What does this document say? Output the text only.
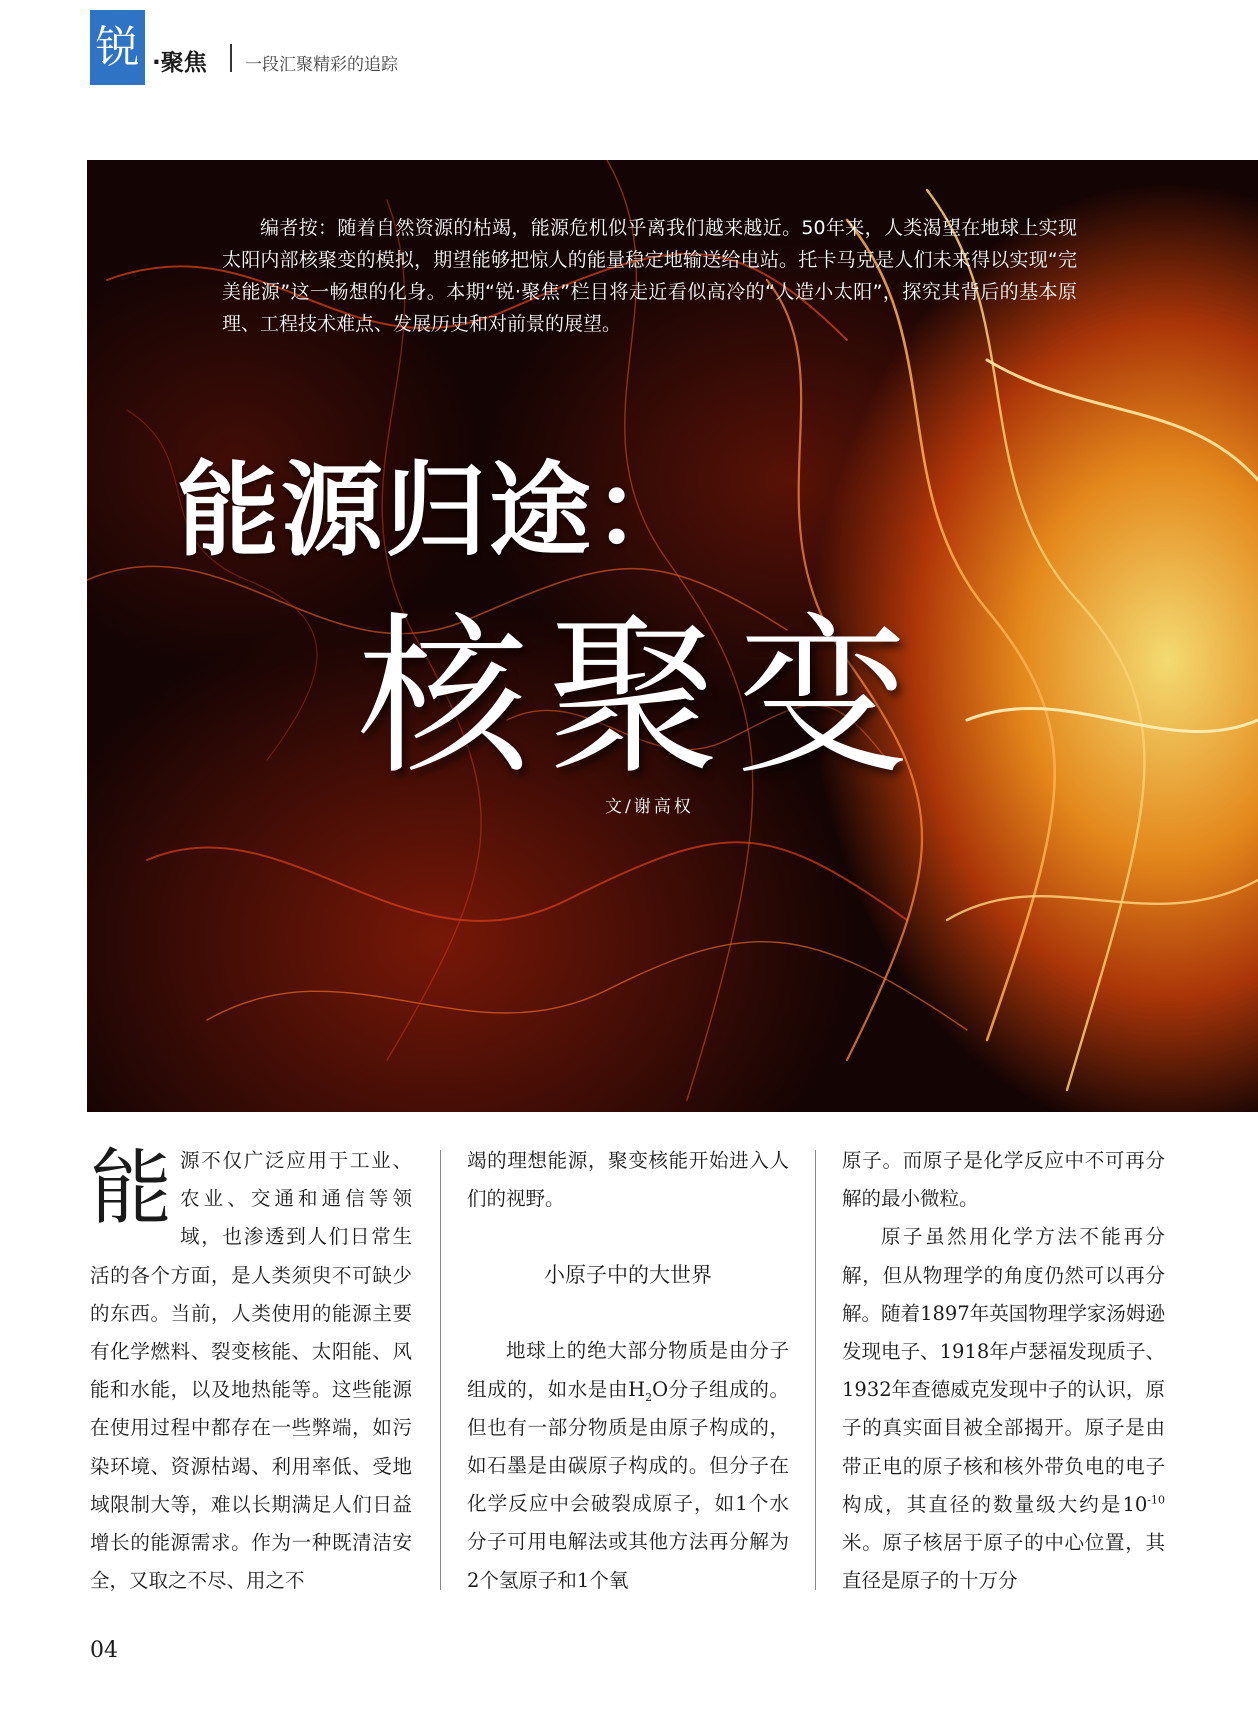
锐 ·聚焦 一段汇聚精彩的追踪
编者按：随着自然资源的枯竭，能源危机似乎离我们越来越近。50年来，人类渴望在地球上实现太阳内部核聚变的模拟，期望能够把惊人的能量稳定地输送给电站。托卡马克是人们未来得以实现“完美能源”这一畅想的化身。本期“锐·聚焦”栏目将走近看似高冷的“人造小太阳”，探究其背后的基本原理、工程技术难点、发展历史和对前景的展望。
能源归途：
核聚变
文/谢高权

能源不仅广泛应用于工业、农业、交通和通信等领域，也渗透到人们日常生活的各个方面，是人类须臾不可缺少的东西。当前，人类使用的能源主要有化学燃料、裂变核能、太阳能、风能和水能，以及地热能等。这些能源在使用过程中都存在一些弊端，如污染环境、资源枯竭、利用率低、受地域限制大等，难以长期满足人们日益增长的能源需求。作为一种既清洁安全，又取之不尽、用之不

竭的理想能源，聚变核能开始进入人们的视野。

小原子中的大世界

地球上的绝大部分物质是由分子组成的，如水是由$H_2O$分子组成的。但也有一部分物质是由原子构成的，如石墨是由碳原子构成的。但分子在化学反应中会破裂成原子，如1个水分子可用电解法或其他方法再分解为2个氢原子和1个氧

原子。而原子是化学反应中不可再分解的最小微粒。

原子虽然用化学方法不能再分解，但从物理学的角度仍然可以再分解。随着1897年英国物理学家汤姆逊发现电子、1918年卢瑟福发现质子、1932年查德威克发现中子的认识，原子的真实面目被全部揭开。原子是由带正电的原子核和核外带负电的电子构成，其直径的数量级大约是$10^{-10}$米。原子核居于原子的中心位置，其直径是原子的十万分

04
